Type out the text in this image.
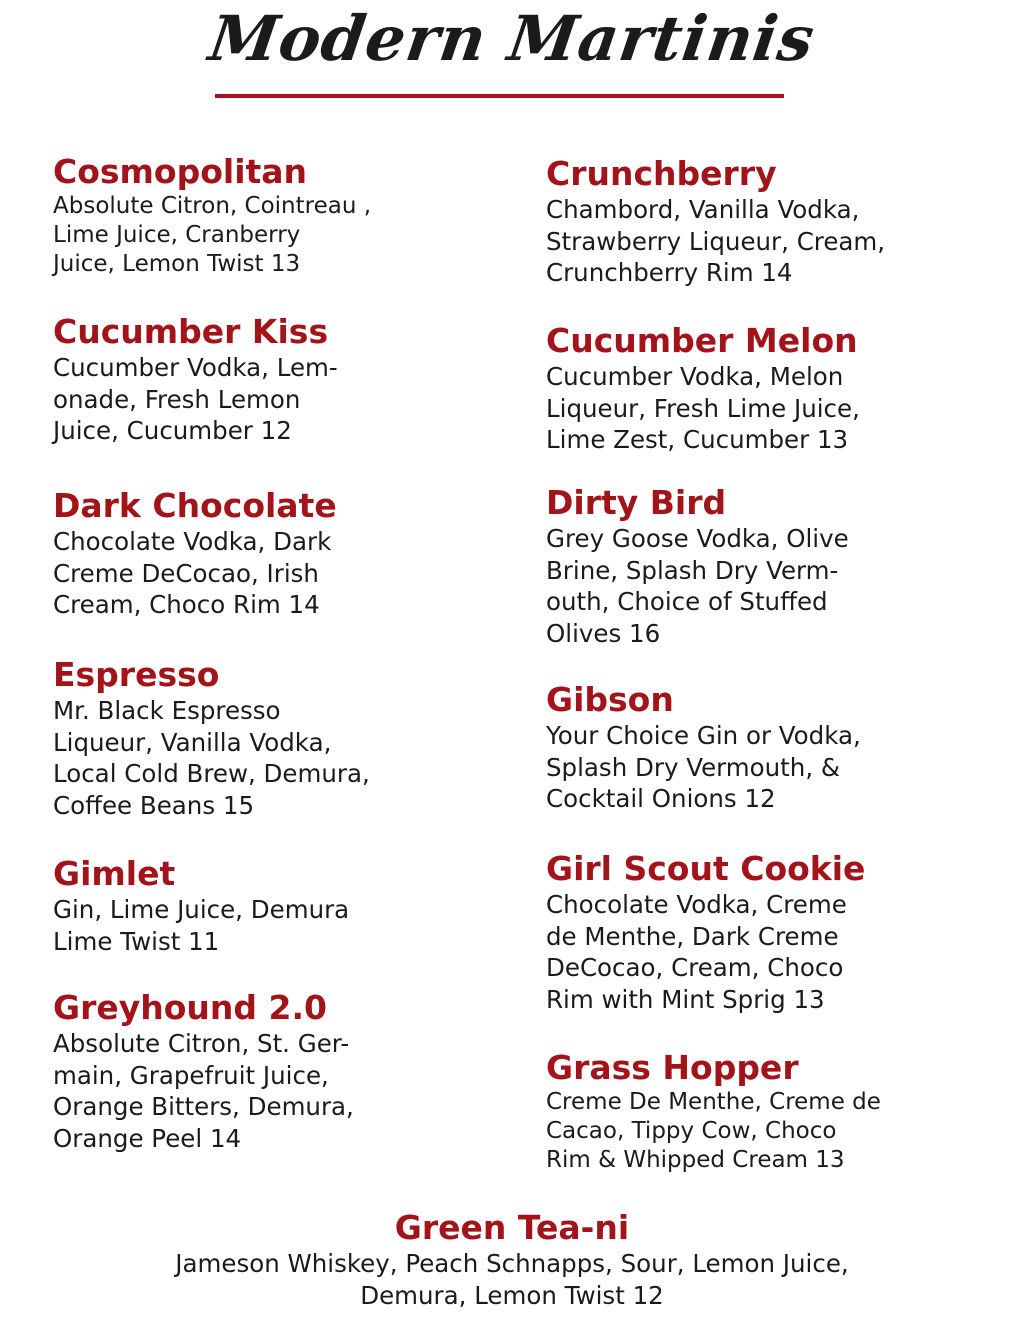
Modern Martinis
Cosmopolitan
Absolute Citron, Cointreau ,
Lime Juice, Cranberry
Juice, Lemon Twist 13
Cucumber Kiss
Cucumber Vodka, Lem-
onade, Fresh Lemon
Juice, Cucumber 12
Dark Chocolate
Chocolate Vodka, Dark
Creme DeCocao, Irish
Cream, Choco Rim 14
Espresso
Mr. Black Espresso
Liqueur, Vanilla Vodka,
Local Cold Brew, Demura,
Coffee Beans 15
Gimlet
Gin, Lime Juice, Demura
Lime Twist 11
Greyhound 2.0
Absolute Citron, St. Ger-
main, Grapefruit Juice,
Orange Bitters, Demura,
Orange Peel 14
Crunchberry
Chambord, Vanilla Vodka,
Strawberry Liqueur, Cream,
Crunchberry Rim 14
Cucumber Melon
Cucumber Vodka, Melon
Liqueur, Fresh Lime Juice,
Lime Zest, Cucumber 13
Dirty Bird
Grey Goose Vodka, Olive
Brine, Splash Dry Verm-
outh, Choice of Stuffed
Olives 16
Gibson
Your Choice Gin or Vodka,
Splash Dry Vermouth, &
Cocktail Onions 12
Girl Scout Cookie
Chocolate Vodka, Creme
de Menthe, Dark Creme
DeCocao, Cream, Choco
Rim with Mint Sprig 13
Grass Hopper
Creme De Menthe, Creme de
Cacao, Tippy Cow, Choco
Rim & Whipped Cream 13
Green Tea-ni
Jameson Whiskey, Peach Schnapps, Sour, Lemon Juice,
Demura, Lemon Twist 12
